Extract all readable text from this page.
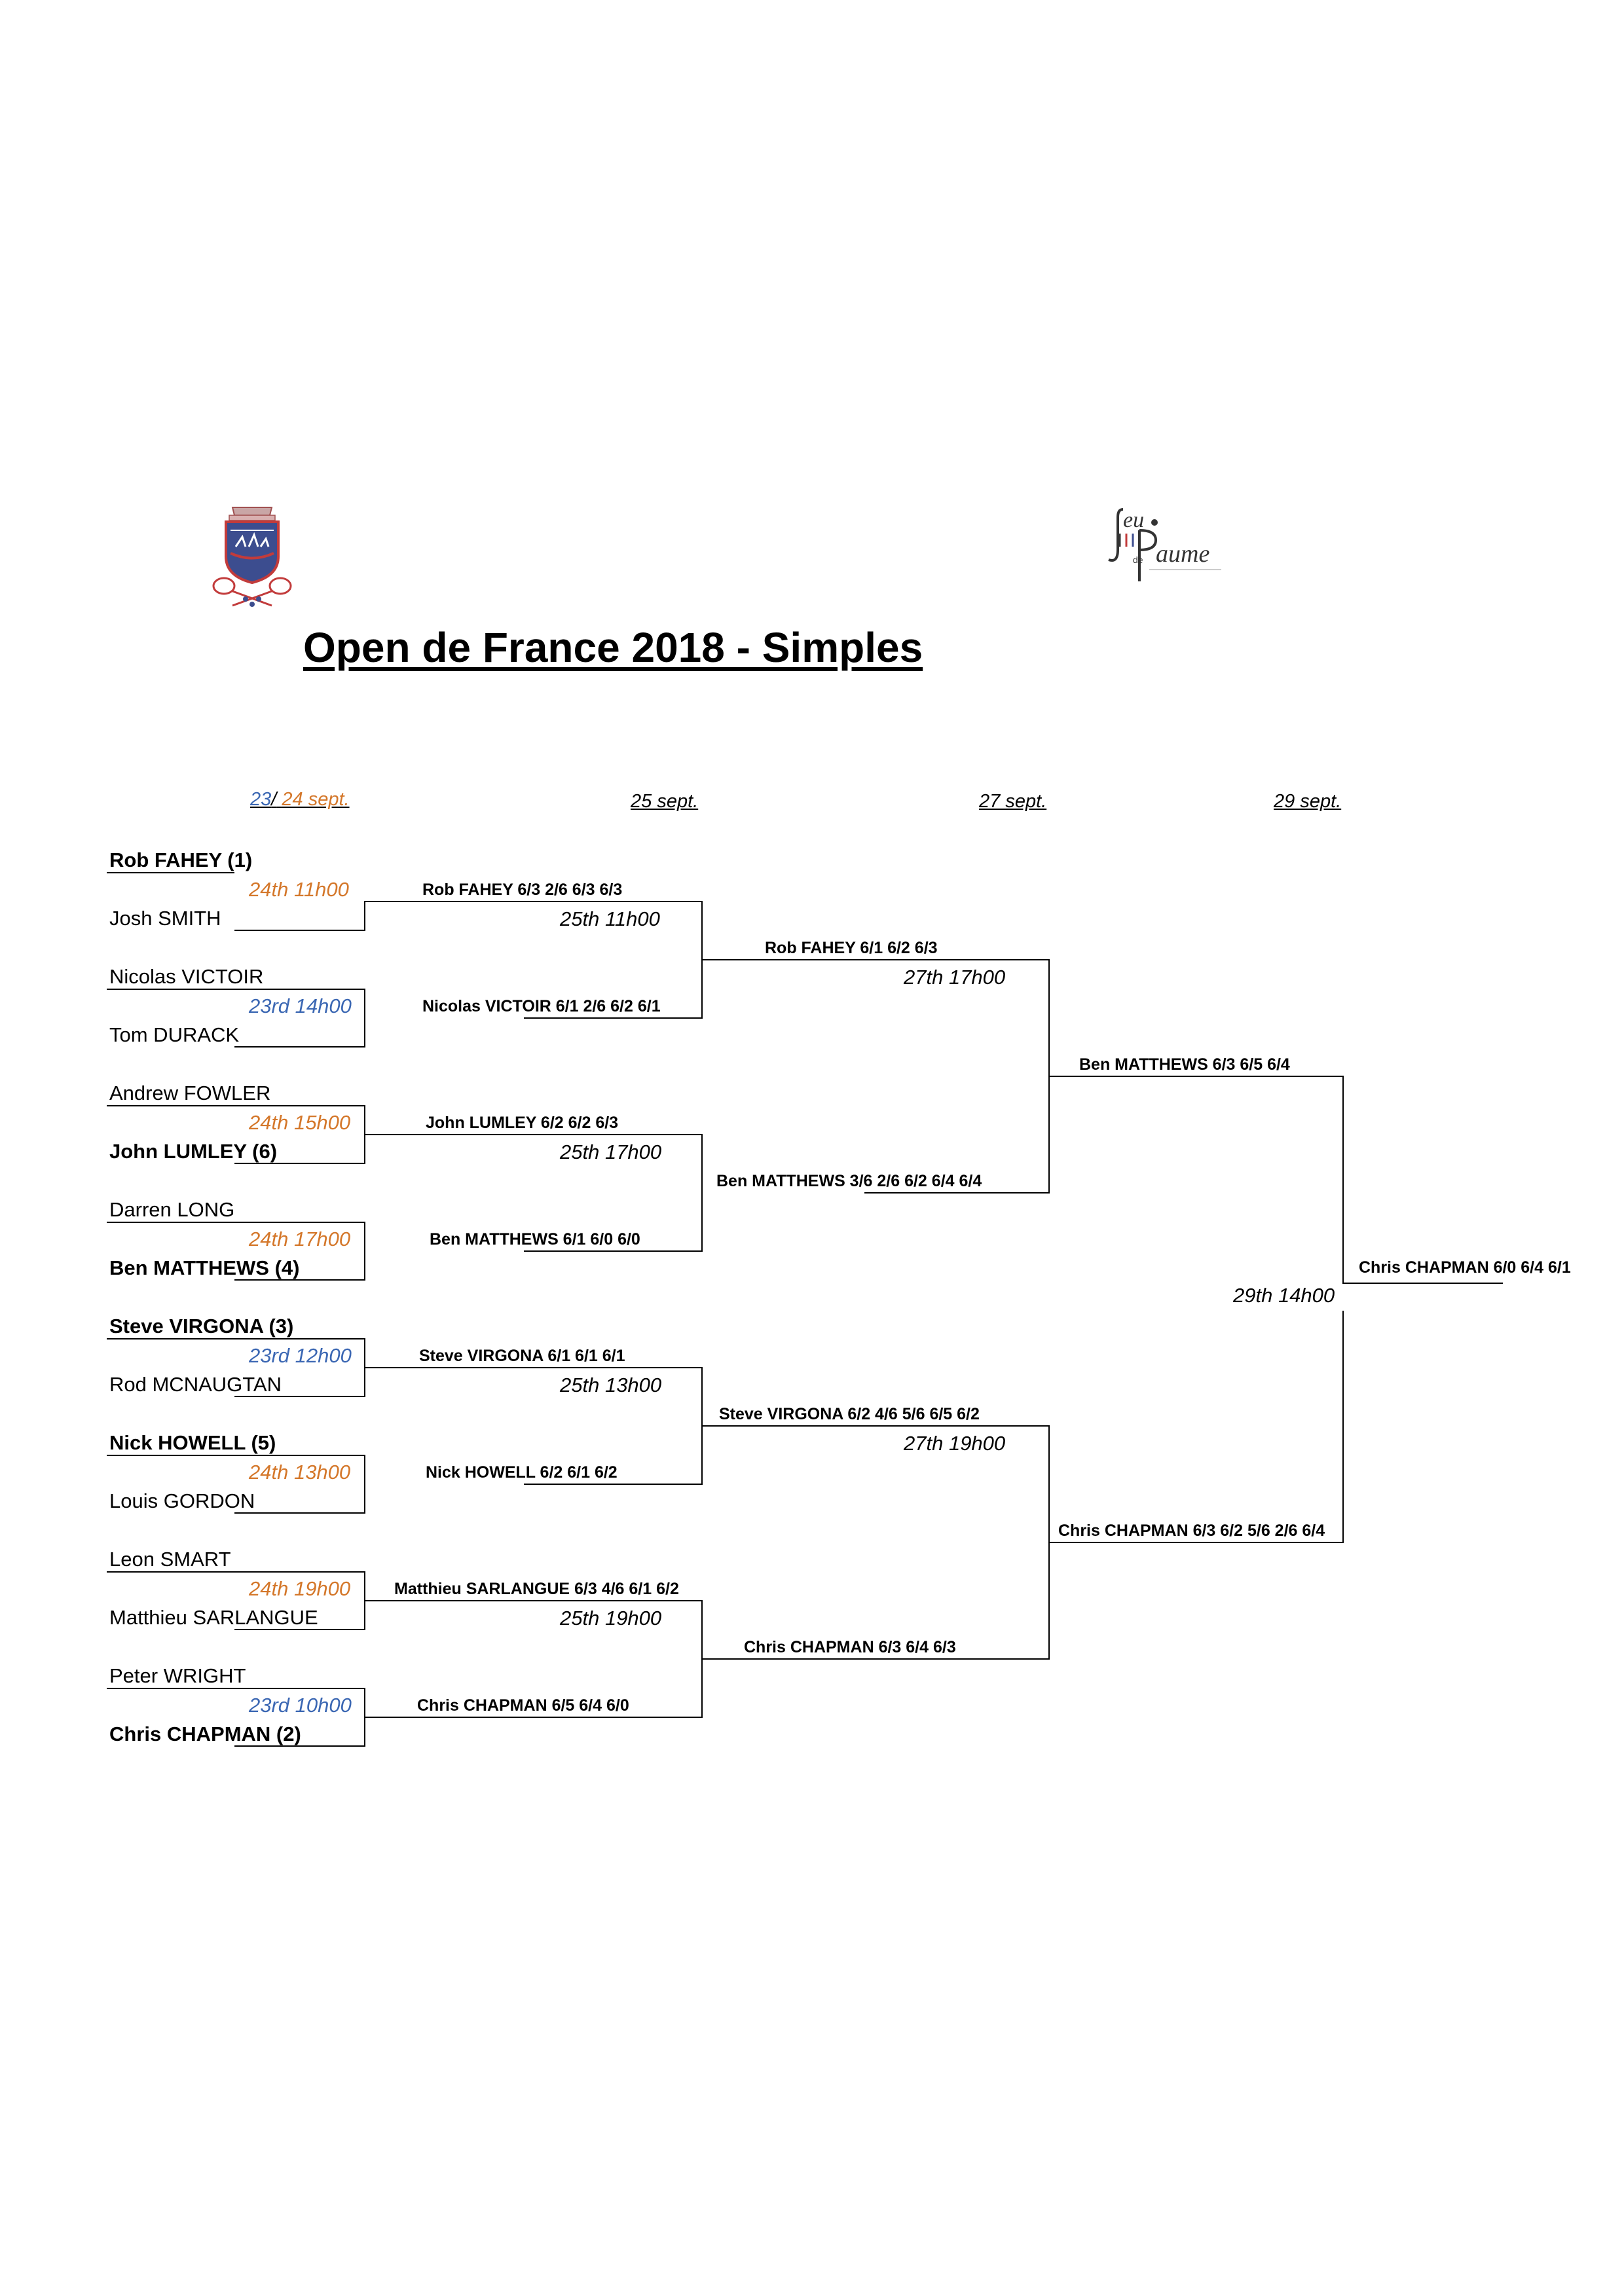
eu
de aume
Open de France 2018 - Simples
23/ 24 sept.	25 sept.	27 sept.	29 sept.
Rob FAHEY (1)
Josh SMITH
Nicolas VICTOIR
Tom DURACK
Andrew FOWLER
John LUMLEY (6)
Darren LONG
Ben MATTHEWS (4)
Steve VIRGONA (3)
Rod MCNAUGTAN
Nick HOWELL (5)
Louis GORDON
Leon SMART
Matthieu SARLANGUE
Peter WRIGHT
Chris CHAPMAN (2)
24th 11h00
23rd 14h00
24th 15h00
24th 17h00
23rd 12h00
24th 13h00
24th 19h00
23rd 10h00
Rob FAHEY 6/3 2/6 6/3 6/3
Nicolas VICTOIR 6/1 2/6 6/2 6/1
John LUMLEY 6/2 6/2 6/3
Ben MATTHEWS 6/1 6/0 6/0
Steve VIRGONA 6/1 6/1 6/1
Nick HOWELL 6/2 6/1 6/2
Matthieu SARLANGUE 6/3 4/6 6/1 6/2
Chris CHAPMAN 6/5 6/4 6/0
25th 11h00
25th 17h00
25th 13h00
25th 19h00
Rob FAHEY 6/1 6/2 6/3
Ben MATTHEWS 3/6 2/6 6/2 6/4 6/4
Steve VIRGONA 6/2 4/6 5/6 6/5 6/2
Chris CHAPMAN 6/3 6/4 6/3
27th 17h00
27th 19h00
Ben MATTHEWS 6/3 6/5 6/4
Chris CHAPMAN 6/3 6/2 5/6 2/6 6/4
29th 14h00
Chris CHAPMAN 6/0 6/4 6/1
